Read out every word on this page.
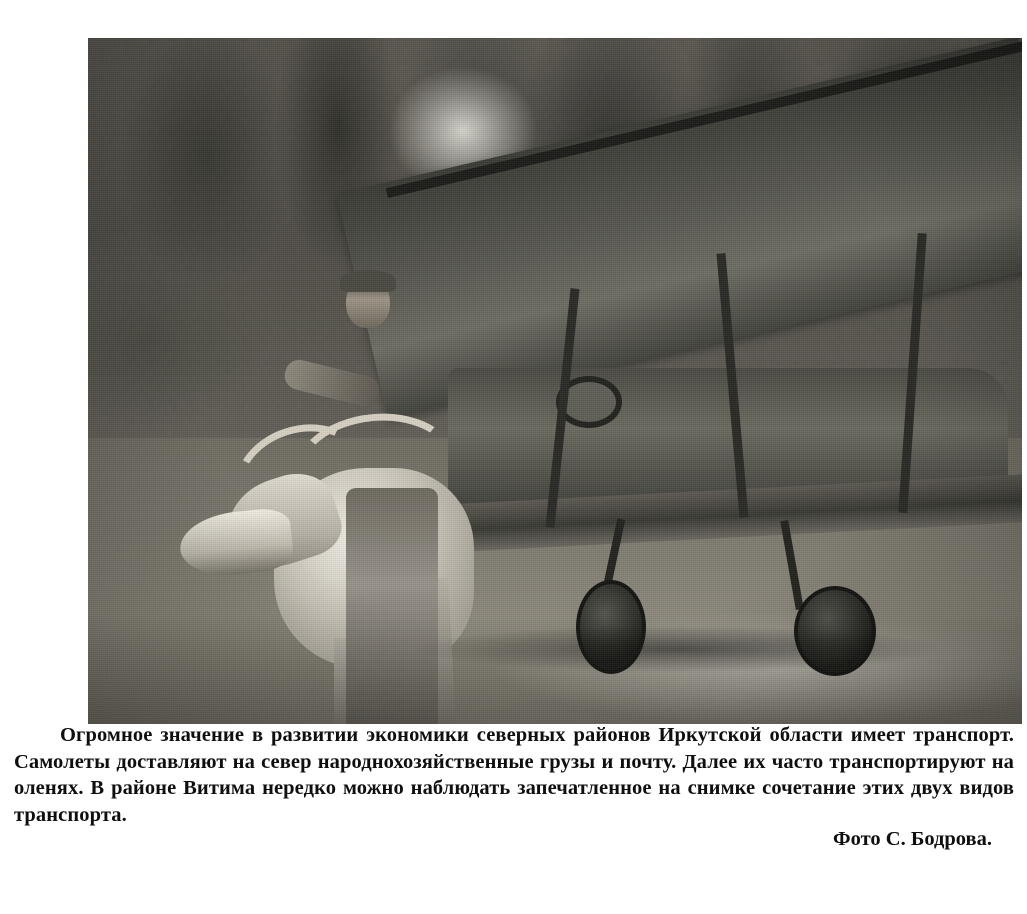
Огромное значение в развитии экономики северных районов Иркутской области имеет транспорт. Самолеты доставляют на север народнохозяйственные грузы и почту. Далее их часто транспортируют на оленях. В районе Витима нередко можно наблюдать запечатленное на снимке сочетание этих двух видов транспорта.

Фото С. Бодрова.
